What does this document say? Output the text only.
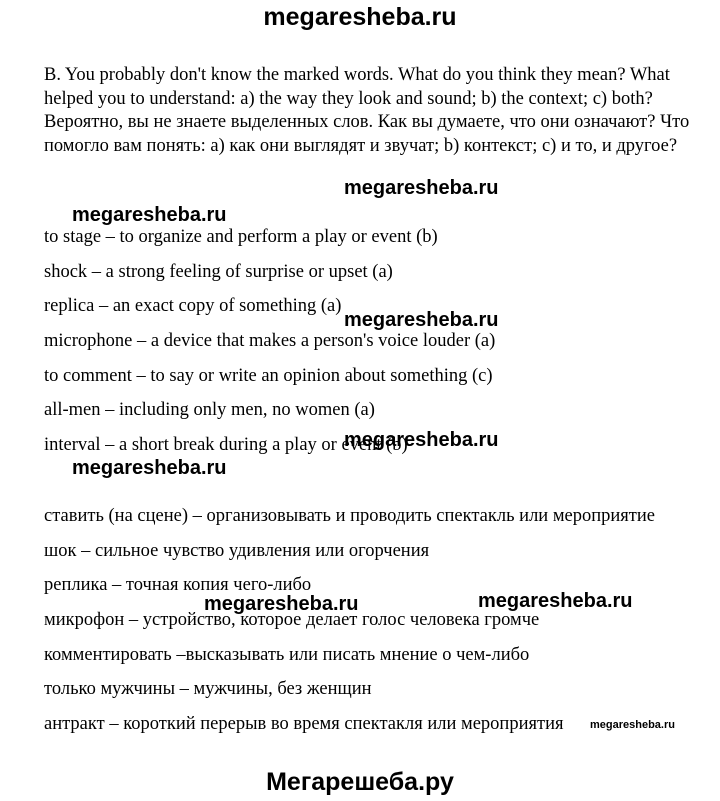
megaresheba.ru

B. You probably don't know the marked words. What do you think they mean? What helped you to understand: a) the way they look and sound; b) the context; c) both? Вероятно, вы не знаете выделенных слов. Как вы думаете, что они означают? Что помогло вам понять: а) как они выглядят и звучат; b) контекст; с) и то, и другое?

to stage – to organize and perform a play or event (b)
shock – a strong feeling of surprise or upset (a)
replica – an exact copy of something (a)
microphone – a device that makes a person's voice louder (a)
to comment – to say or write an opinion about something (c)
all-men – including only men, no women (a)
interval – a short break during a play or event (b)
ставить (на сцене) – организовывать и проводить спектакль или мероприятие
шок – сильное чувство удивления или огорчения
реплика – точная копия чего-либо
микрофон – устройство, которое делает голос человека громче
комментировать –высказывать или писать мнение о чем-либо
только мужчины – мужчины, без женщин
антракт – короткий перерыв во время спектакля или мероприятия
megaresheba.ru
megaresheba.ru
megaresheba.ru
megaresheba.ru
megaresheba.ru
megaresheba.ru	megaresheba.ru
megaresheba.ru
Мегарешеба.ру
